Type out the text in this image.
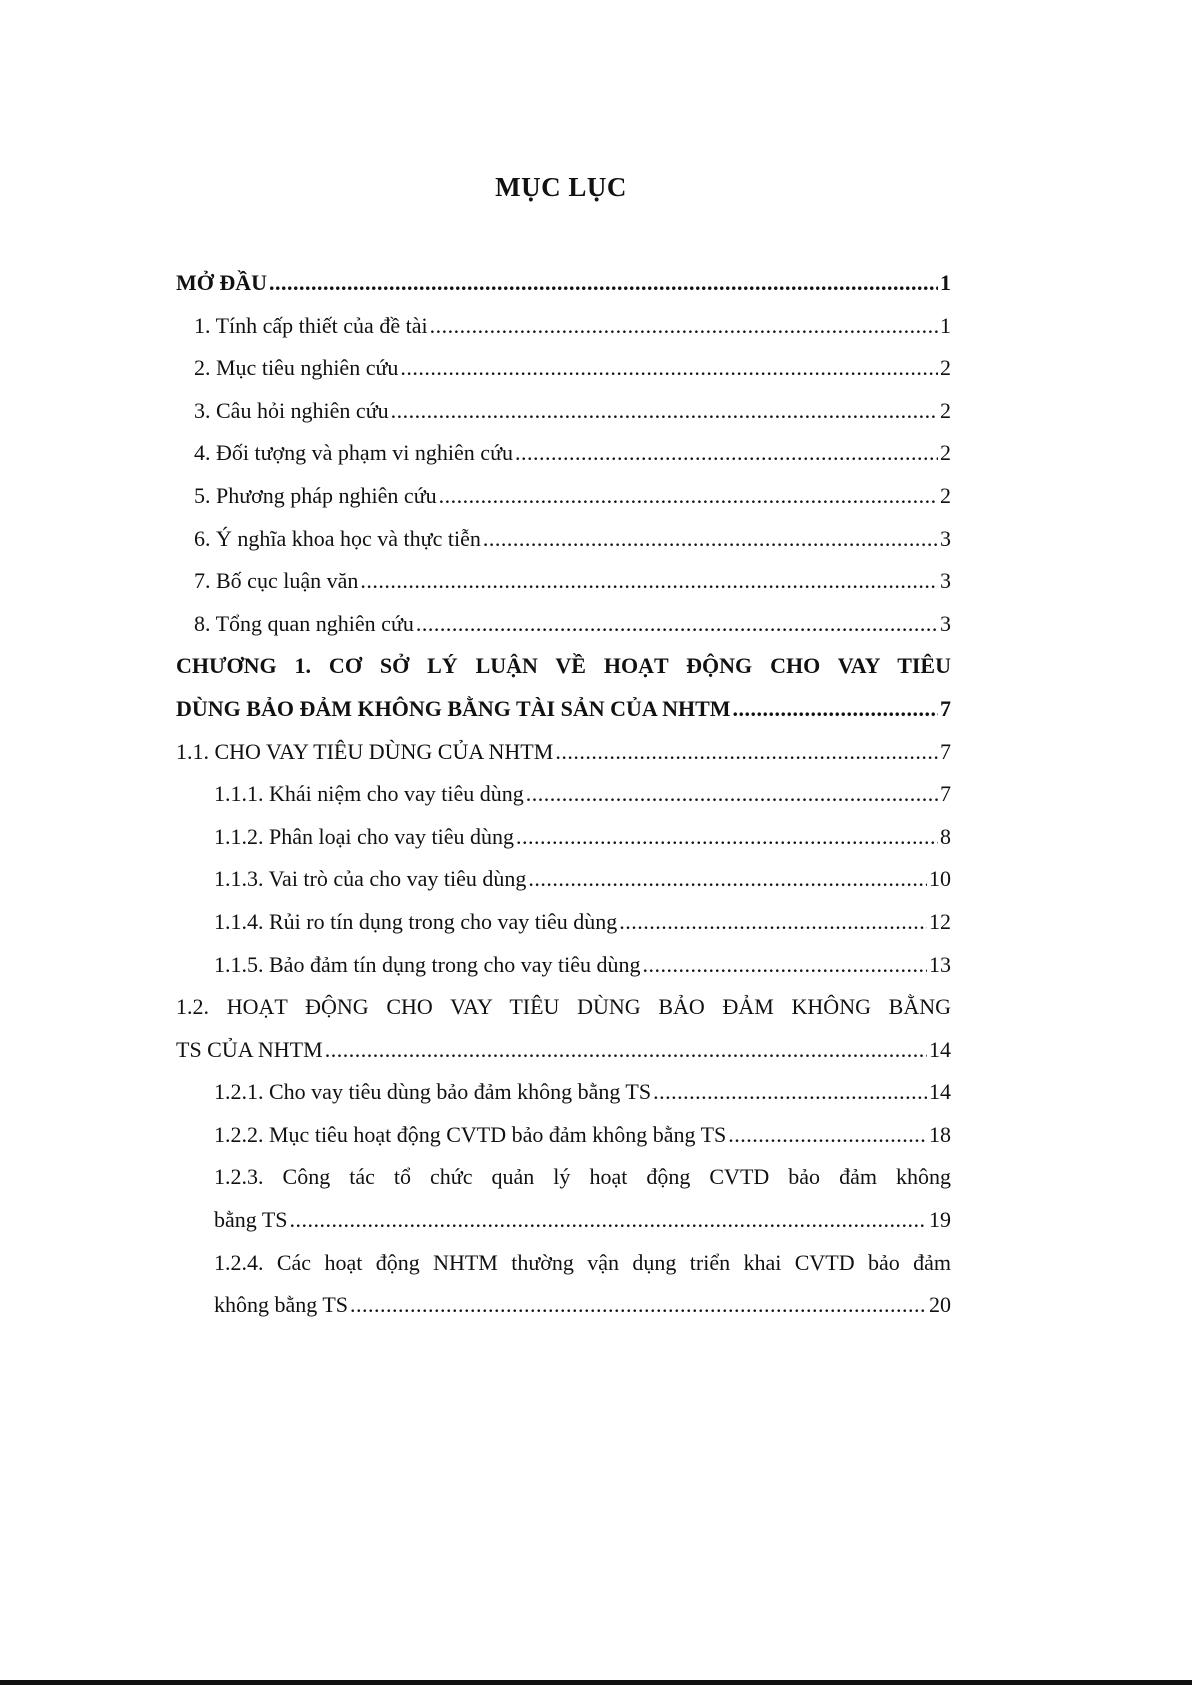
MỤC LỤC
MỞ ĐẦU .....	1
1. Tính cấp thiết của đề tài .....	1
2. Mục tiêu nghiên cứu .....	2
3. Câu hỏi nghiên cứu .....	2
4. Đối tượng và phạm vi nghiên cứu .....	2
5. Phương pháp nghiên cứu .....	2
6. Ý nghĩa khoa học và thực tiễn .....	3
7. Bố cục luận văn .....	3
8. Tổng quan nghiên cứu .....	3
CHƯƠNG 1. CƠ SỞ LÝ LUẬN VỀ HOẠT ĐỘNG CHO VAY TIÊU
DÙNG BẢO ĐẢM KHÔNG BẰNG TÀI SẢN CỦA NHTM .....	7
1.1. CHO VAY TIÊU DÙNG CỦA NHTM .....	7
1.1.1. Khái niệm cho vay tiêu dùng .....	7
1.1.2. Phân loại cho vay tiêu dùng .....	8
1.1.3. Vai trò của cho vay tiêu dùng .....	10
1.1.4. Rủi ro tín dụng trong cho vay tiêu dùng .....	12
1.1.5. Bảo đảm tín dụng trong cho vay tiêu dùng .....	13
1.2. HOẠT ĐỘNG CHO VAY TIÊU DÙNG BẢO ĐẢM KHÔNG BẰNG
TS CỦA NHTM .....	14
1.2.1. Cho vay tiêu dùng bảo đảm không bằng TS .....	14
1.2.2. Mục tiêu hoạt động CVTD bảo đảm không bằng TS .....	18
1.2.3. Công tác tổ chức quản lý hoạt động CVTD bảo đảm không
bằng TS .....	19
1.2.4. Các hoạt động NHTM thường vận dụng triển khai CVTD bảo đảm
không bằng TS .....	20
